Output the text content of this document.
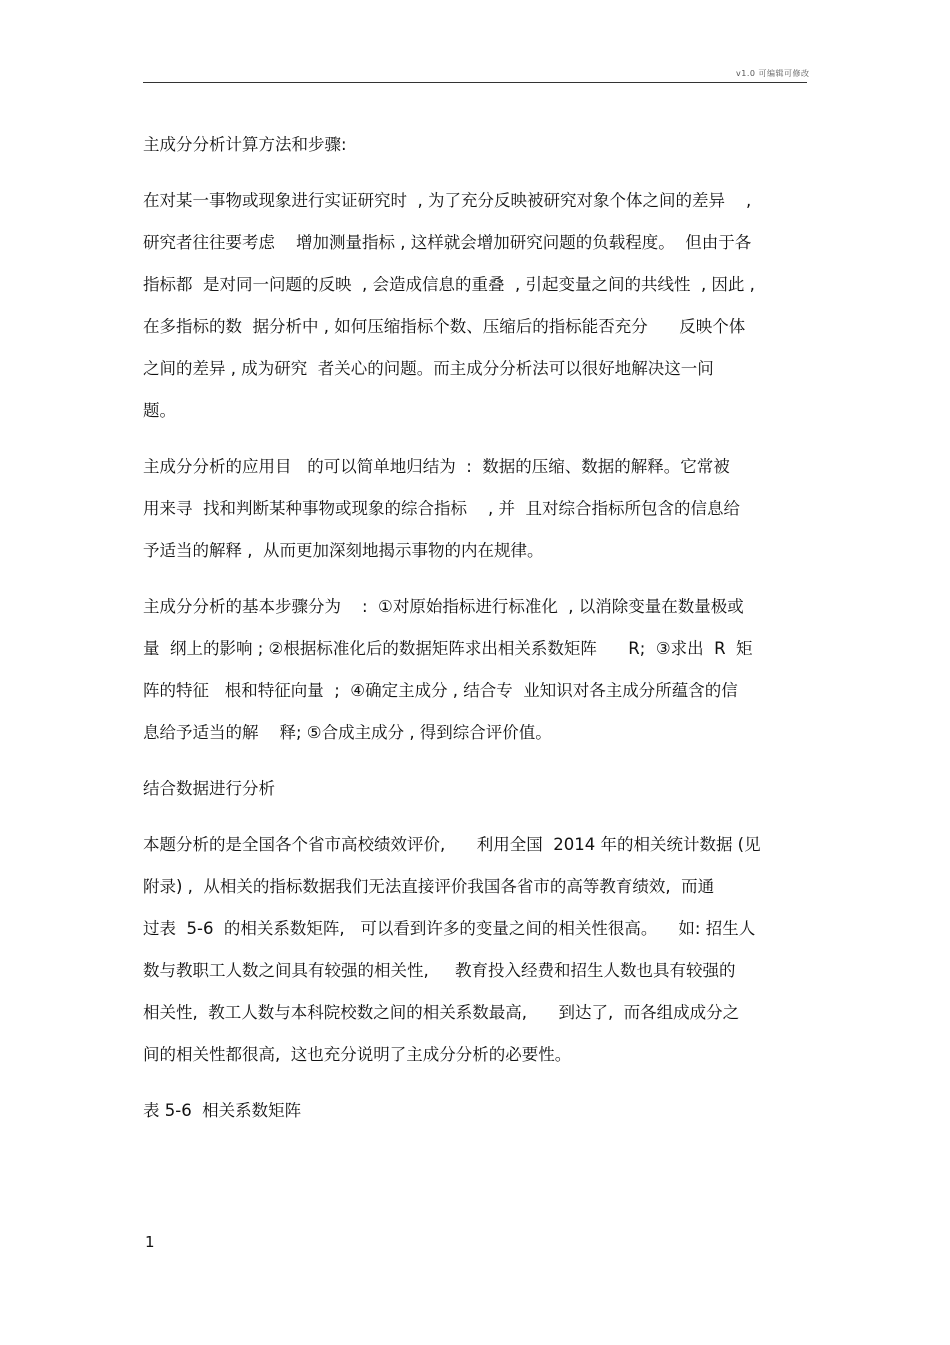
v1.0 可编辑可修改

主成分分析计算方法和步骤:

在对某一事物或现象进行实证研究时  , 为了充分反映被研究对象个体之间的差异    ,
研究者往往要考虑    增加测量指标 , 这样就会增加研究问题的负载程度。  但由于各
指标都  是对同一问题的反映  , 会造成信息的重叠  , 引起变量之间的共线性  , 因此 ,
在多指标的数  据分析中 , 如何压缩指标个数、压缩后的指标能否充分      反映个体
之间的差异 , 成为研究  者关心的问题。而主成分分析法可以很好地解决这一问
题。

主成分分析的应用目   的可以简单地归结为  :  数据的压缩、数据的解释。它常被
用来寻  找和判断某种事物或现象的综合指标    , 并  且对综合指标所包含的信息给
予适当的解释 ,  从而更加深刻地揭示事物的内在规律。

主成分分析的基本步骤分为    :  ①对原始指标进行标准化  , 以消除变量在数量极或
量  纲上的影响 ; ②根据标准化后的数据矩阵求出相关系数矩阵      R;  ③求出  R  矩
阵的特征   根和特征向量  ;  ④确定主成分 , 结合专  业知识对各主成分所蕴含的信
息给予适当的解    释; ⑤合成主成分 , 得到综合评价值。

结合数据进行分析

本题分析的是全国各个省市高校绩效评价,      利用全国  2014 年的相关统计数据 (见
附录) ,  从相关的指标数据我们无法直接评价我国各省市的高等教育绩效,  而通
过表  5-6  的相关系数矩阵,   可以看到许多的变量之间的相关性很高。    如: 招生人
数与教职工人数之间具有较强的相关性,     教育投入经费和招生人数也具有较强的
相关性,  教工人数与本科院校数之间的相关系数最高,      到达了,  而各组成成分之
间的相关性都很高,  这也充分说明了主成分分析的必要性。

表 5-6  相关系数矩阵

1
